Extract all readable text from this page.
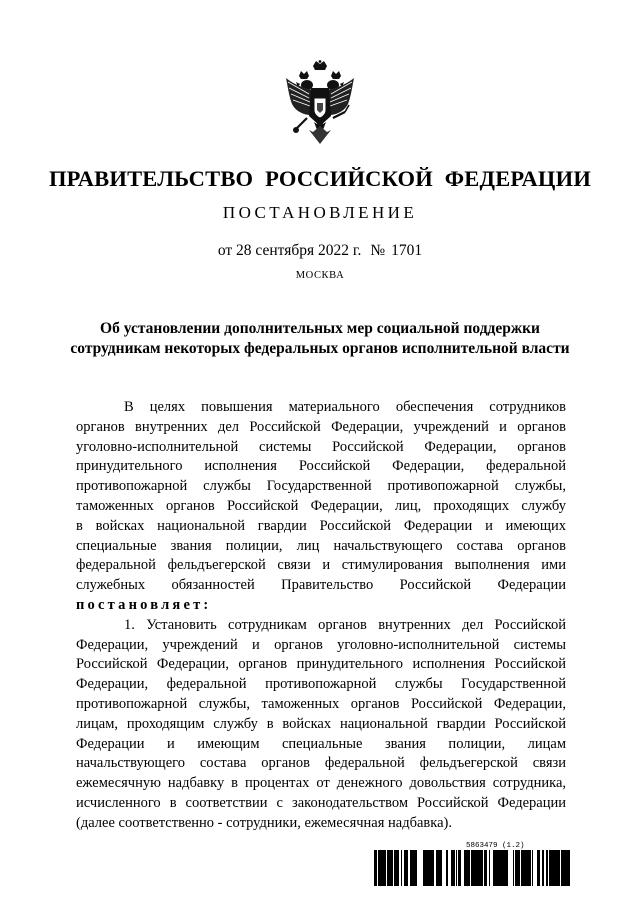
ПРАВИТЕЛЬСТВО РОССИЙСКОЙ ФЕДЕРАЦИИ
ПОСТАНОВЛЕНИЕ
от 28 сентября 2022 г. № 1701
МОСКВА
Об установлении дополнительных мер социальной поддержки
сотрудникам некоторых федеральных органов исполнительной власти
В целях повышения материального обеспечения сотрудников
органов внутренних дел Российской Федерации, учреждений и органов
уголовно-исполнительной системы Российской Федерации, органов
принудительного исполнения Российской Федерации, федеральной
противопожарной службы Государственной противопожарной службы,
таможенных органов Российской Федерации, лиц, проходящих службу
в войсках национальной гвардии Российской Федерации и имеющих
специальные звания полиции, лиц начальствующего состава органов
федеральной фельдъегерской связи и стимулирования выполнения ими
служебных обязанностей Правительство Российской Федерации
постановляет:
1. Установить сотрудникам органов внутренних дел Российской
Федерации, учреждений и органов уголовно-исполнительной системы
Российской Федерации, органов принудительного исполнения Российской
Федерации, федеральной противопожарной службы Государственной
противопожарной службы, таможенных органов Российской Федерации,
лицам, проходящим службу в войсках национальной гвардии Российской
Федерации и имеющим специальные звания полиции, лицам
начальствующего состава органов федеральной фельдъегерской связи
ежемесячную надбавку в процентах от денежного довольствия сотрудника,
исчисленного в соответствии с законодательством Российской Федерации
(далее соответственно - сотрудники, ежемесячная надбавка).
5863479 (1.2)
